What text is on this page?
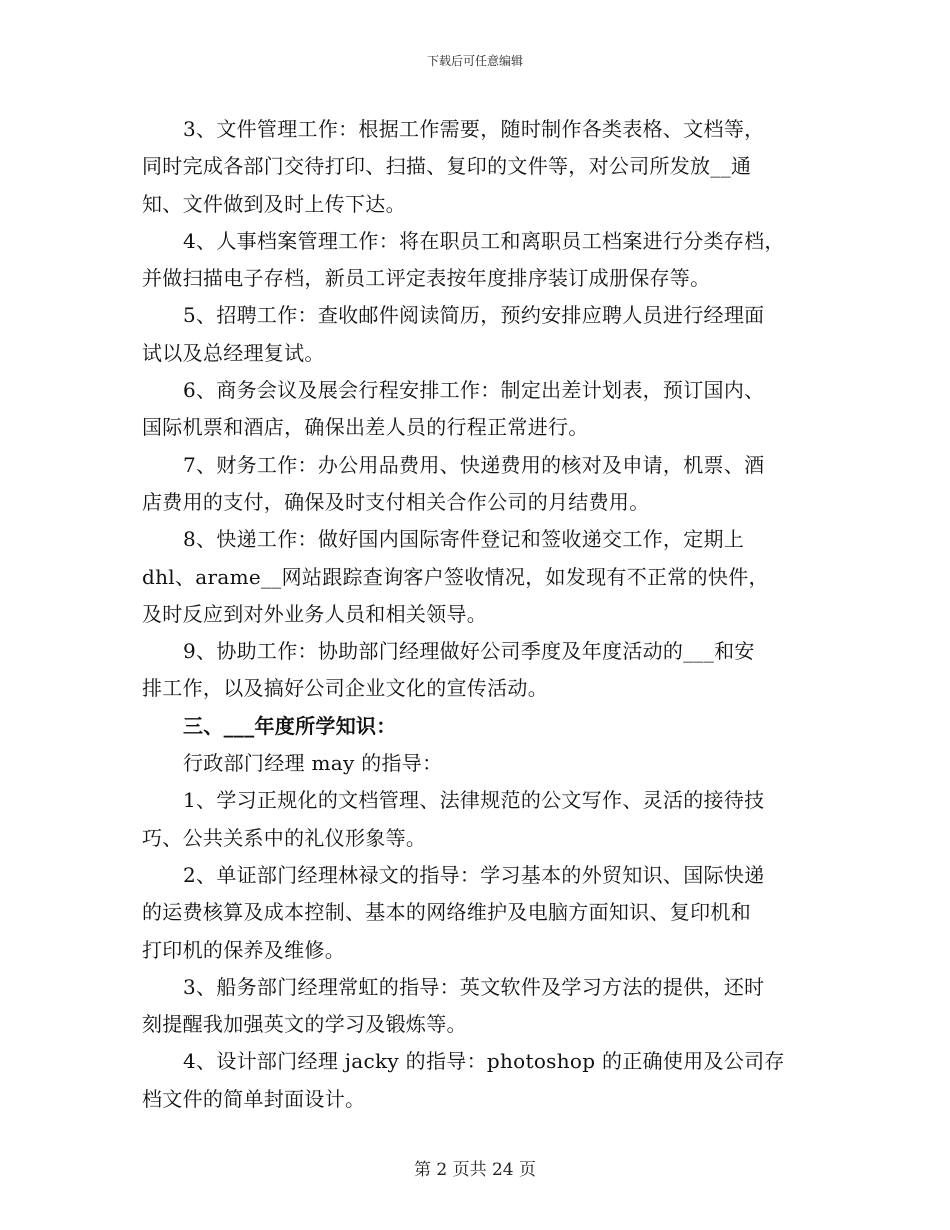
下载后可任意编辑
3、文件管理工作：根据工作需要，随时制作各类表格、文档等，
同时完成各部门交待打印、扫描、复印的文件等，对公司所发放__通
知、文件做到及时上传下达。
4、人事档案管理工作：将在职员工和离职员工档案进行分类存档，
并做扫描电子存档，新员工评定表按年度排序装订成册保存等。
5、招聘工作：查收邮件阅读简历，预约安排应聘人员进行经理面
试以及总经理复试。
6、商务会议及展会行程安排工作：制定出差计划表，预订国内、
国际机票和酒店，确保出差人员的行程正常进行。
7、财务工作：办公用品费用、快递费用的核对及申请，机票、酒
店费用的支付，确保及时支付相关合作公司的月结费用。
8、快递工作：做好国内国际寄件登记和签收递交工作，定期上
dhl、arame__网站跟踪查询客户签收情况，如发现有不正常的快件，
及时反应到对外业务人员和相关领导。
9、协助工作：协助部门经理做好公司季度及年度活动的___和安
排工作，以及搞好公司企业文化的宣传活动。
三、___年度所学知识：
行政部门经理 may 的指导：
1、学习正规化的文档管理、法律规范的公文写作、灵活的接待技
巧、公共关系中的礼仪形象等。
2、单证部门经理林禄文的指导：学习基本的外贸知识、国际快递
的运费核算及成本控制、基本的网络维护及电脑方面知识、复印机和
打印机的保养及维修。
3、船务部门经理常虹的指导：英文软件及学习方法的提供，还时
刻提醒我加强英文的学习及锻炼等。
4、设计部门经理 jacky 的指导：photoshop 的正确使用及公司存
档文件的简单封面设计。
第 2 页共 24 页
